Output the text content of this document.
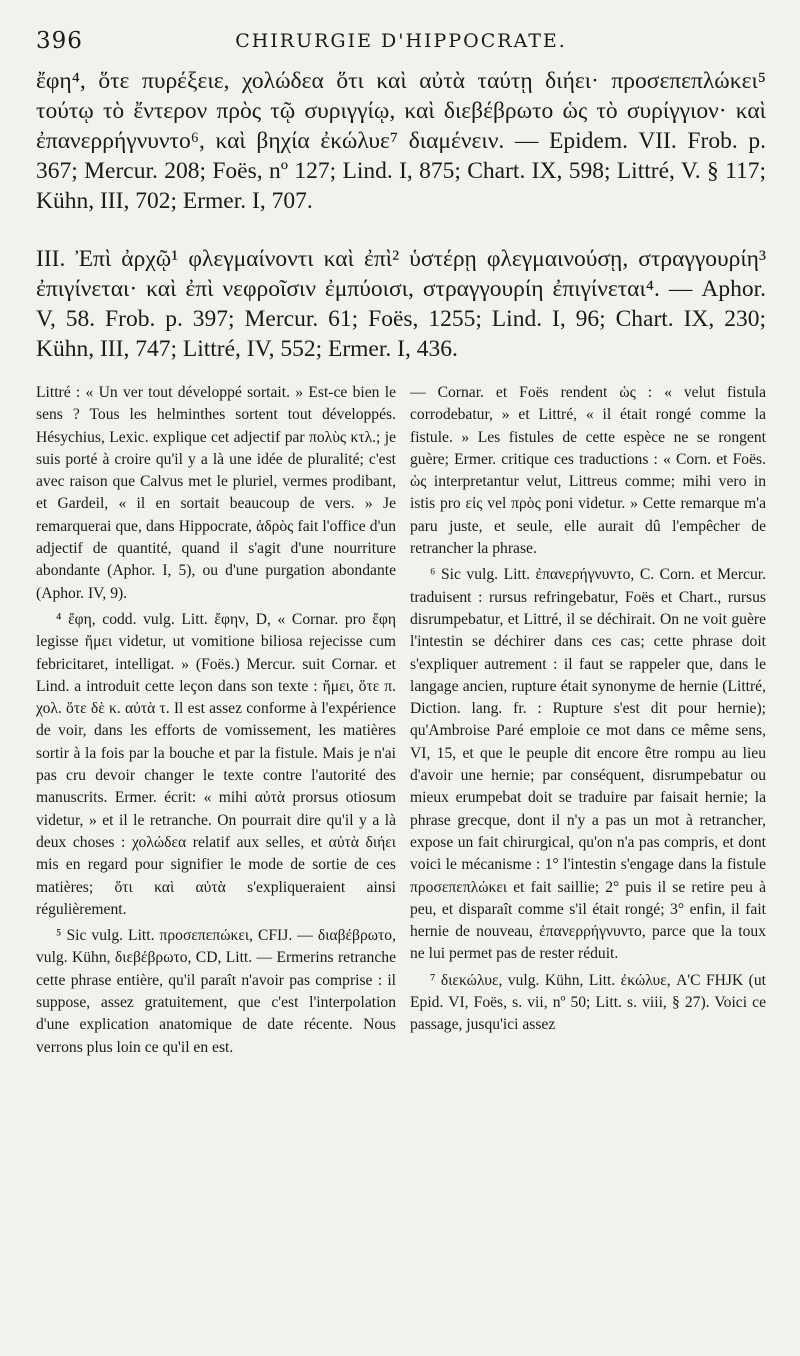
396	CHIRURGIE D'HIPPOCRATE.

ἔφη⁴, ὅτε πυρέξειε, χολώδεα ὅτι καὶ αὐτὰ ταύτῃ διήει· προσεπεπλώκει⁵ τούτῳ τὸ ἔντερον πρὸς τῷ συριγγίῳ, καὶ διεβέβρωτο ὡς τὸ συρίγγιον· καὶ ἐπανερρήγνυντο⁶, καὶ βηχία ἐκώλυε⁷ διαμένειν. — Epidem. VII. Frob. p. 367; Mercur. 208; Foës, nº 127; Lind. I, 875; Chart. IX, 598; Littré, V. § 117; Kühn, III, 702; Ermer. I, 707.

III. Ἐπὶ ἀρχῷ¹ φλεγμαίνοντι καὶ ἐπὶ² ὑστέρῃ φλεγμαινούσῃ, στραγγουρίη³ ἐπιγίνεται· καὶ ἐπὶ νεφροῖσιν ἐμπύοισι, στραγγουρίη ἐπιγίνεται⁴. — Aphor. V, 58. Frob. p. 397; Mercur. 61; Foës, 1255; Lind. I, 96; Chart. IX, 230; Kühn, III, 747; Littré, IV, 552; Ermer. I, 436.

Littré : « Un ver tout développé sortait. » Est-ce bien le sens ? Tous les helminthes sortent tout développés. Hésychius, Lexic. explique cet adjectif par πολὺς κτλ.; je suis porté à croire qu'il y a là une idée de pluralité; c'est avec raison que Calvus met le pluriel, vermes prodibant, et Gardeil, « il en sortait beaucoup de vers. » Je remarquerai que, dans Hippocrate, ἁδρὸς fait l'office d'un adjectif de quantité, quand il s'agit d'une nourriture abondante (Aphor. I, 5), ou d'une purgation abondante (Aphor. IV, 9).

⁴ ἔφη, codd. vulg. Litt. ἔφην, D, « Cornar. pro ἔφη legisse ἤμει videtur, ut vomitione biliosa rejecisse cum febricitaret, intelligat. » (Foës.) Mercur. suit Cornar. et Lind. a introduit cette leçon dans son texte : ἤμει, ὅτε π. χολ. ὅτε δὲ κ. αὐτὰ τ. Il est assez conforme à l'expérience de voir, dans les efforts de vomissement, les matières sortir à la fois par la bouche et par la fistule. Mais je n'ai pas cru devoir changer le texte contre l'autorité des manuscrits. Ermer. écrit: « mihi αὐτὰ prorsus otiosum videtur, » et il le retranche. On pourrait dire qu'il y a là deux choses : χολώδεα relatif aux selles, et αὐτὰ διήει mis en regard pour signifier le mode de sortie de ces matières; ὅτι καὶ αὐτὰ s'expliqueraient ainsi régulièrement.

⁵ Sic vulg. Litt. προσεπεπώκει, CFIJ. — διαβέβρωτο, vulg. Kühn, διεβέβρωτο, CD, Litt. — Ermerins retranche cette phrase entière, qu'il paraît n'avoir pas comprise : il suppose, assez gratuitement, que c'est l'interpolation d'une explication anatomique de date récente. Nous verrons plus loin ce qu'il en est.

— Cornar. et Foës rendent ὡς : « velut fistula corrodebatur, » et Littré, « il était rongé comme la fistule. » Les fistules de cette espèce ne se rongent guère; Ermer. critique ces traductions : « Corn. et Foës. ὡς interpretantur velut, Littreus comme; mihi vero in istis pro εἰς vel πρὸς poni videtur. » Cette remarque m'a paru juste, et seule, elle aurait dû l'empêcher de retrancher la phrase.

⁶ Sic vulg. Litt. ἐπανερήγνυντο, C. Corn. et Mercur. traduisent : rursus refringebatur, Foës et Chart., rursus disrumpebatur, et Littré, il se déchirait. On ne voit guère l'intestin se déchirer dans ces cas; cette phrase doit s'expliquer autrement : il faut se rappeler que, dans le langage ancien, rupture était synonyme de hernie (Littré, Diction. lang. fr. : Rupture s'est dit pour hernie); qu'Ambroise Paré emploie ce mot dans ce même sens, VI, 15, et que le peuple dit encore être rompu au lieu d'avoir une hernie; par conséquent, disrumpebatur ou mieux erumpebat doit se traduire par faisait hernie; la phrase grecque, dont il n'y a pas un mot à retrancher, expose un fait chirurgical, qu'on n'a pas compris, et dont voici le mécanisme : 1° l'intestin s'engage dans la fistule προσεπεπλώκει et fait saillie; 2° puis il se retire peu à peu, et disparaît comme s'il était rongé; 3° enfin, il fait hernie de nouveau, ἐπανερρήγνυντο, parce que la toux ne lui permet pas de rester réduit.

⁷ διεκώλυε, vulg. Kühn, Litt. ἐκώλυε, A'C FHJK (ut Epid. VI, Foës, s. vii, nº 50; Litt. s. viii, § 27). Voici ce passage, jusqu'ici assez
